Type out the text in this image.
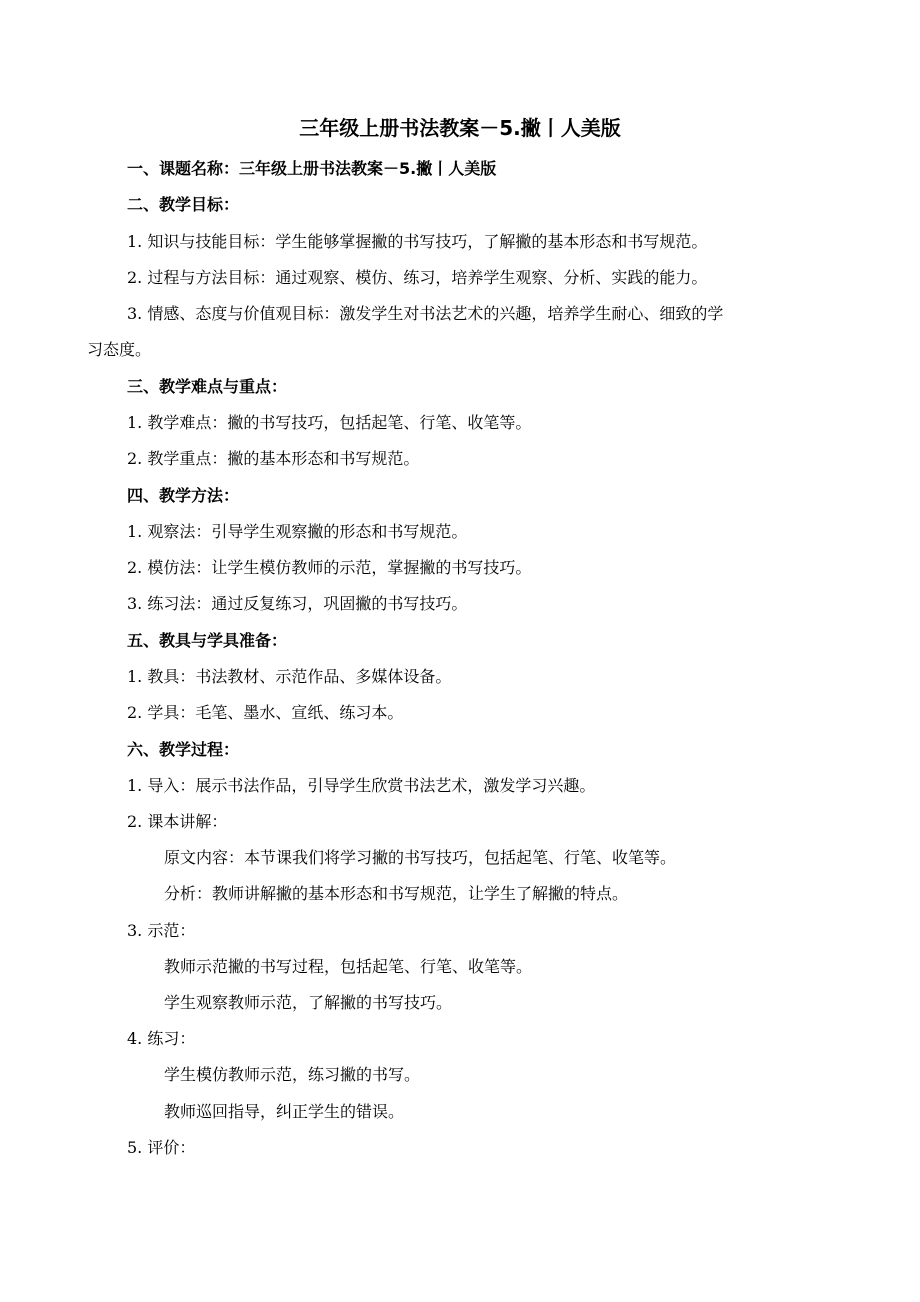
三年级上册书法教案－5.撇丨人美版
一、课题名称：三年级上册书法教案－5.撇丨人美版
二、教学目标：
1. 知识与技能目标：学生能够掌握撇的书写技巧，了解撇的基本形态和书写规范。
2. 过程与方法目标：通过观察、模仿、练习，培养学生观察、分析、实践的能力。
3. 情感、态度与价值观目标：激发学生对书法艺术的兴趣，培养学生耐心、细致的学
习态度。
三、教学难点与重点：
1. 教学难点：撇的书写技巧，包括起笔、行笔、收笔等。
2. 教学重点：撇的基本形态和书写规范。
四、教学方法：
1. 观察法：引导学生观察撇的形态和书写规范。
2. 模仿法：让学生模仿教师的示范，掌握撇的书写技巧。
3. 练习法：通过反复练习，巩固撇的书写技巧。
五、教具与学具准备：
1. 教具：书法教材、示范作品、多媒体设备。
2. 学具：毛笔、墨水、宣纸、练习本。
六、教学过程：
1. 导入：展示书法作品，引导学生欣赏书法艺术，激发学习兴趣。
2. 课本讲解：
原文内容：本节课我们将学习撇的书写技巧，包括起笔、行笔、收笔等。
分析：教师讲解撇的基本形态和书写规范，让学生了解撇的特点。
3. 示范：
教师示范撇的书写过程，包括起笔、行笔、收笔等。
学生观察教师示范，了解撇的书写技巧。
4. 练习：
学生模仿教师示范，练习撇的书写。
教师巡回指导，纠正学生的错误。
5. 评价：
